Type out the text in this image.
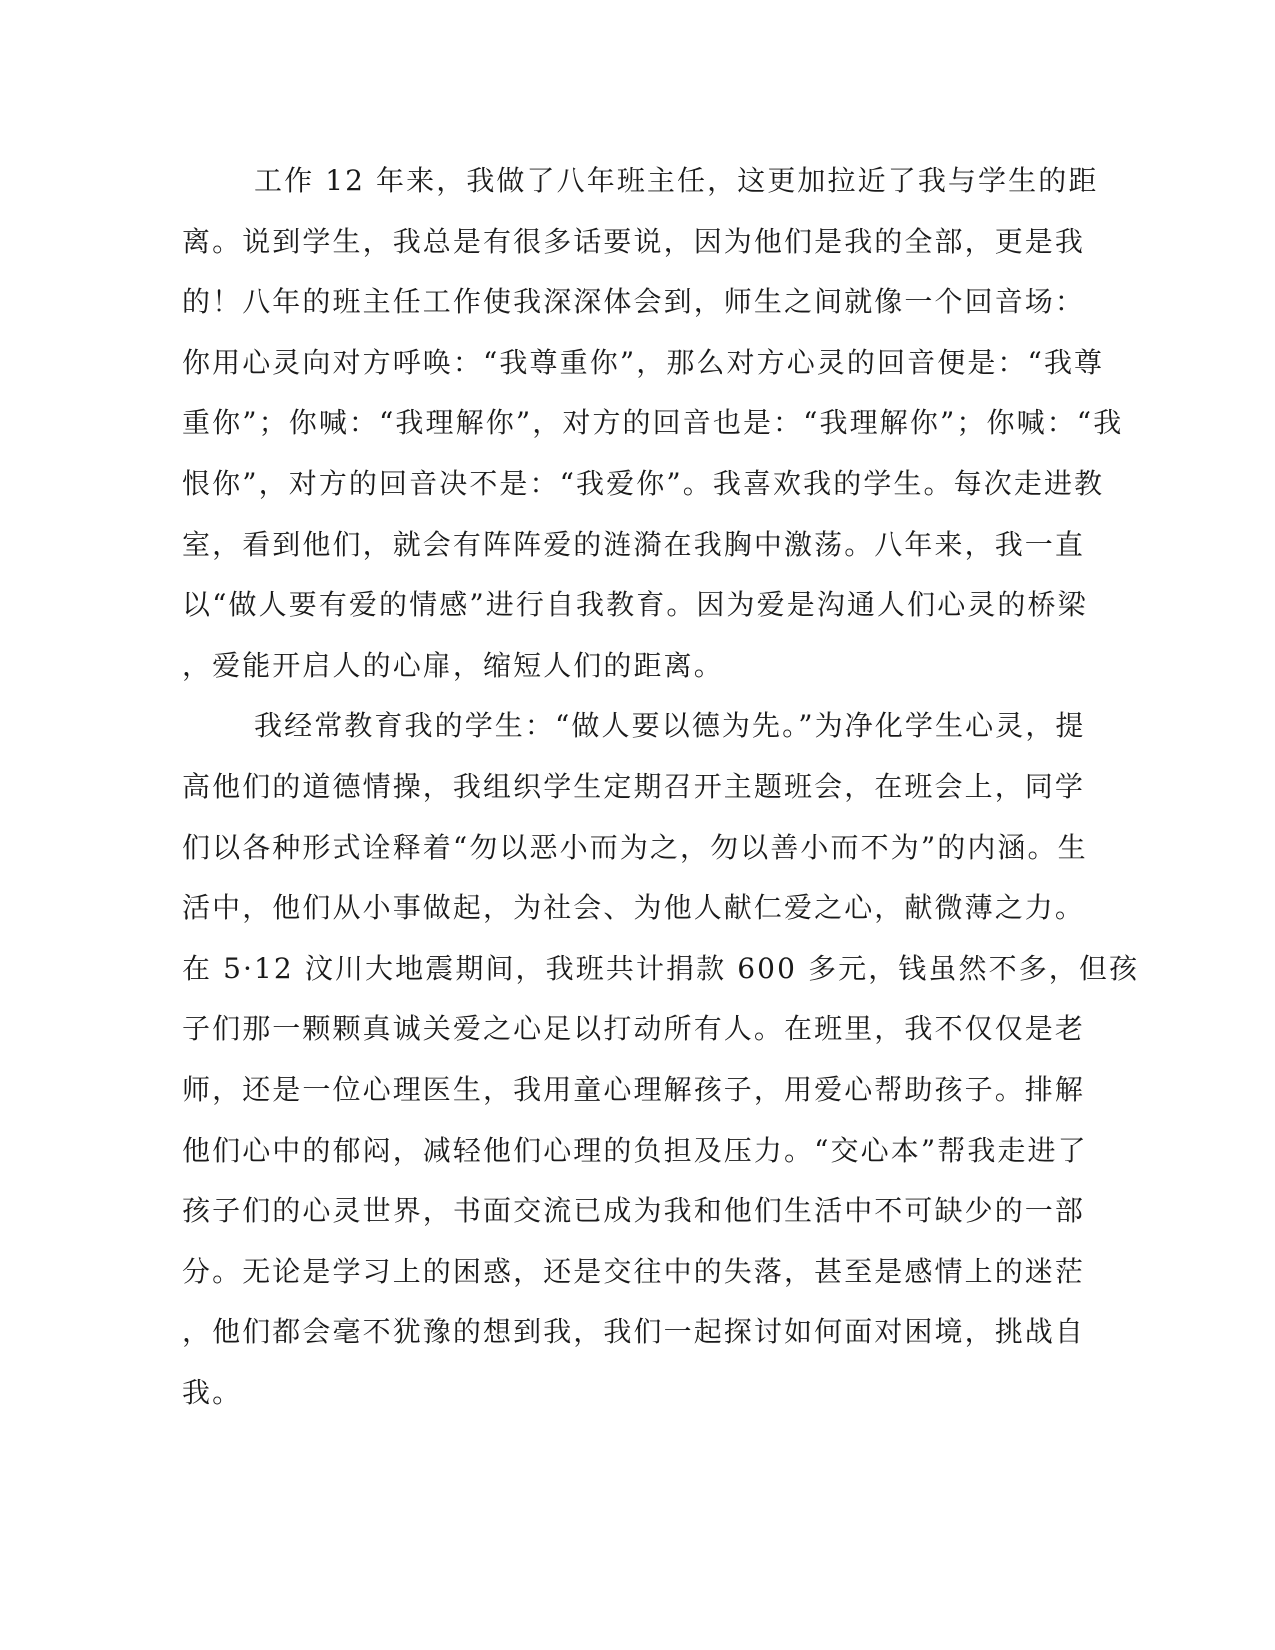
工作 12 年来，我做了八年班主任，这更加拉近了我与学生的距
离。说到学生，我总是有很多话要说，因为他们是我的全部，更是我
的！八年的班主任工作使我深深体会到，师生之间就像一个回音场：
你用心灵向对方呼唤：“我尊重你”，那么对方心灵的回音便是：“我尊
重你”；你喊：“我理解你”，对方的回音也是：“我理解你”；你喊：“我
恨你”，对方的回音决不是：“我爱你”。我喜欢我的学生。每次走进教
室，看到他们，就会有阵阵爱的涟漪在我胸中激荡。八年来，我一直
以“做人要有爱的情感”进行自我教育。因为爱是沟通人们心灵的桥梁
，爱能开启人的心扉，缩短人们的距离。
我经常教育我的学生：“做人要以德为先。”为净化学生心灵，提
高他们的道德情操，我组织学生定期召开主题班会，在班会上，同学
们以各种形式诠释着“勿以恶小而为之，勿以善小而不为”的内涵。生
活中，他们从小事做起，为社会、为他人献仁爱之心，献微薄之力。
在 5·12 汶川大地震期间，我班共计捐款 600 多元，钱虽然不多，但孩
子们那一颗颗真诚关爱之心足以打动所有人。在班里，我不仅仅是老
师，还是一位心理医生，我用童心理解孩子，用爱心帮助孩子。排解
他们心中的郁闷，减轻他们心理的负担及压力。“交心本”帮我走进了
孩子们的心灵世界，书面交流已成为我和他们生活中不可缺少的一部
分。无论是学习上的困惑，还是交往中的失落，甚至是感情上的迷茫
，他们都会毫不犹豫的想到我，我们一起探讨如何面对困境，挑战自
我。
